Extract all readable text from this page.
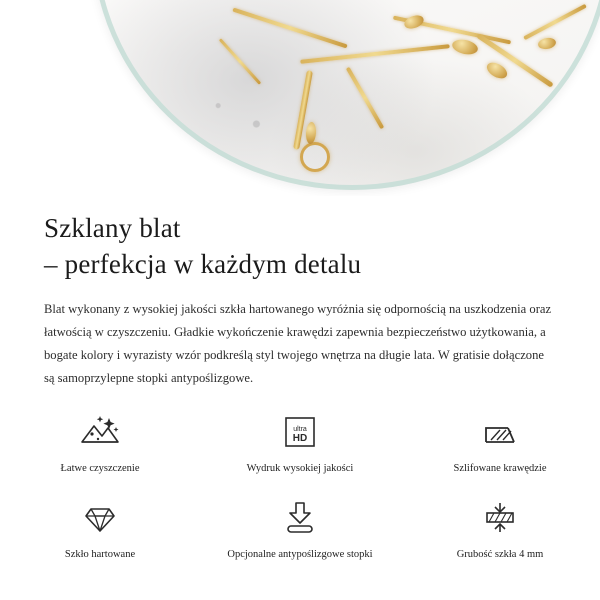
Szklany blat
– perfekcja w każdym detalu

Blat wykonany z wysokiej jakości szkła hartowanego wyróżnia się odpornością na uszkodzenia oraz łatwością w czyszczeniu. Gładkie wykończenie krawędzi zapewnia bezpieczeństwo użytkowania, a bogate kolory i wyrazisty wzór podkreślą styl twojego wnętrza na długie lata. W gratisie dołączone są samoprzylepne stopki antypoślizgowe.

Łatwe czyszczenie
ultra
HD
Wydruk wysokiej jakości	Szlifowane krawędzie
Szkło hartowane	Opcjonalne antypoślizgowe stopki	Grubość szkła 4 mm
